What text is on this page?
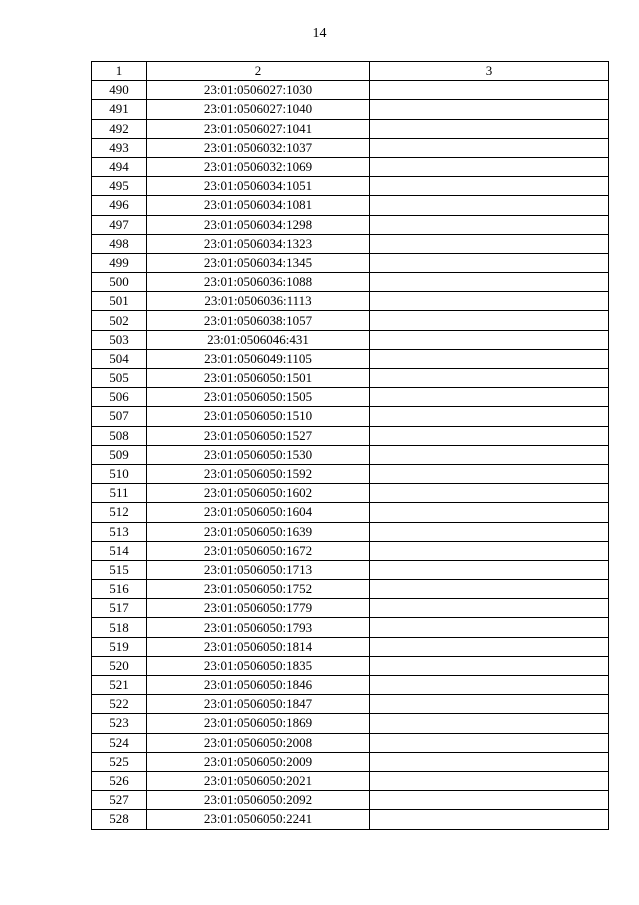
14
1	2	3
490	23:01:0506027:1030	
491	23:01:0506027:1040	
492	23:01:0506027:1041	
493	23:01:0506032:1037	
494	23:01:0506032:1069	
495	23:01:0506034:1051	
496	23:01:0506034:1081	
497	23:01:0506034:1298	
498	23:01:0506034:1323	
499	23:01:0506034:1345	
500	23:01:0506036:1088	
501	23:01:0506036:1113	
502	23:01:0506038:1057	
503	23:01:0506046:431	
504	23:01:0506049:1105	
505	23:01:0506050:1501	
506	23:01:0506050:1505	
507	23:01:0506050:1510	
508	23:01:0506050:1527	
509	23:01:0506050:1530	
510	23:01:0506050:1592	
511	23:01:0506050:1602	
512	23:01:0506050:1604	
513	23:01:0506050:1639	
514	23:01:0506050:1672	
515	23:01:0506050:1713	
516	23:01:0506050:1752	
517	23:01:0506050:1779	
518	23:01:0506050:1793	
519	23:01:0506050:1814	
520	23:01:0506050:1835	
521	23:01:0506050:1846	
522	23:01:0506050:1847	
523	23:01:0506050:1869	
524	23:01:0506050:2008	
525	23:01:0506050:2009	
526	23:01:0506050:2021	
527	23:01:0506050:2092	
528	23:01:0506050:2241	
